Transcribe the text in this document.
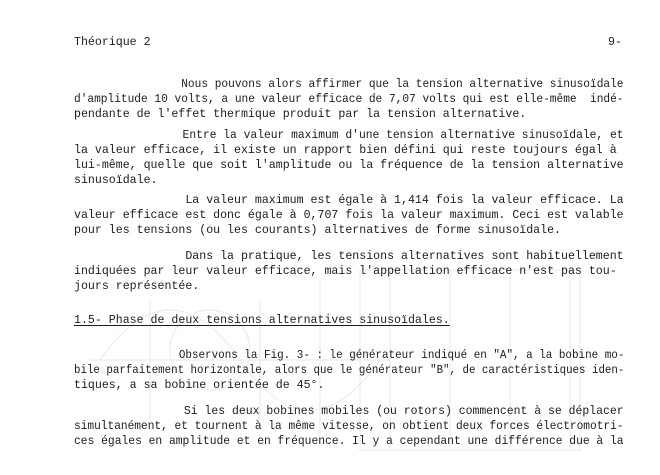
Théorique 2	9-

Nous pouvons alors affirmer que la tension alternative sinusoïdale

d'amplitude 10 volts, a une valeur efficace de 7,07 volts qui est elle-même  indé-

pendante de l'effet thermique produit par la tension alternative.

Entre la valeur maximum d'une tension alternative sinusoïdale, et

la valeur efficace, il existe un rapport bien défini qui reste toujours égal à

lui-même, quelle que soit l'amplitude ou la fréquence de la tension alternative

sinusoïdale.

La valeur maximum est égale à 1,414 fois la valeur efficace. La

valeur efficace est donc égale à 0,707 fois la valeur maximum. Ceci est valable

pour les tensions (ou les courants) alternatives de forme sinusoïdale.

Dans la pratique, les tensions alternatives sont habituellement

indiquées par leur valeur efficace, mais l'appellation efficace n'est pas tou-

jours représentée.

1.5- Phase de deux tensions alternatives sinusoïdales.

Observons la Fig. 3- : le générateur indiqué en "A", a la bobine mo-

bile parfaitement horizontale, alors que le générateur "B", de caractéristiques iden-

tiques, a sa bobine orientée de 45°.

Si les deux bobines mobiles (ou rotors) commencent à se déplacer

simultanément, et tournent à la même vitesse, on obtient deux forces électromotri-

ces égales en amplitude et en fréquence. Il y a cependant une différence due à la
